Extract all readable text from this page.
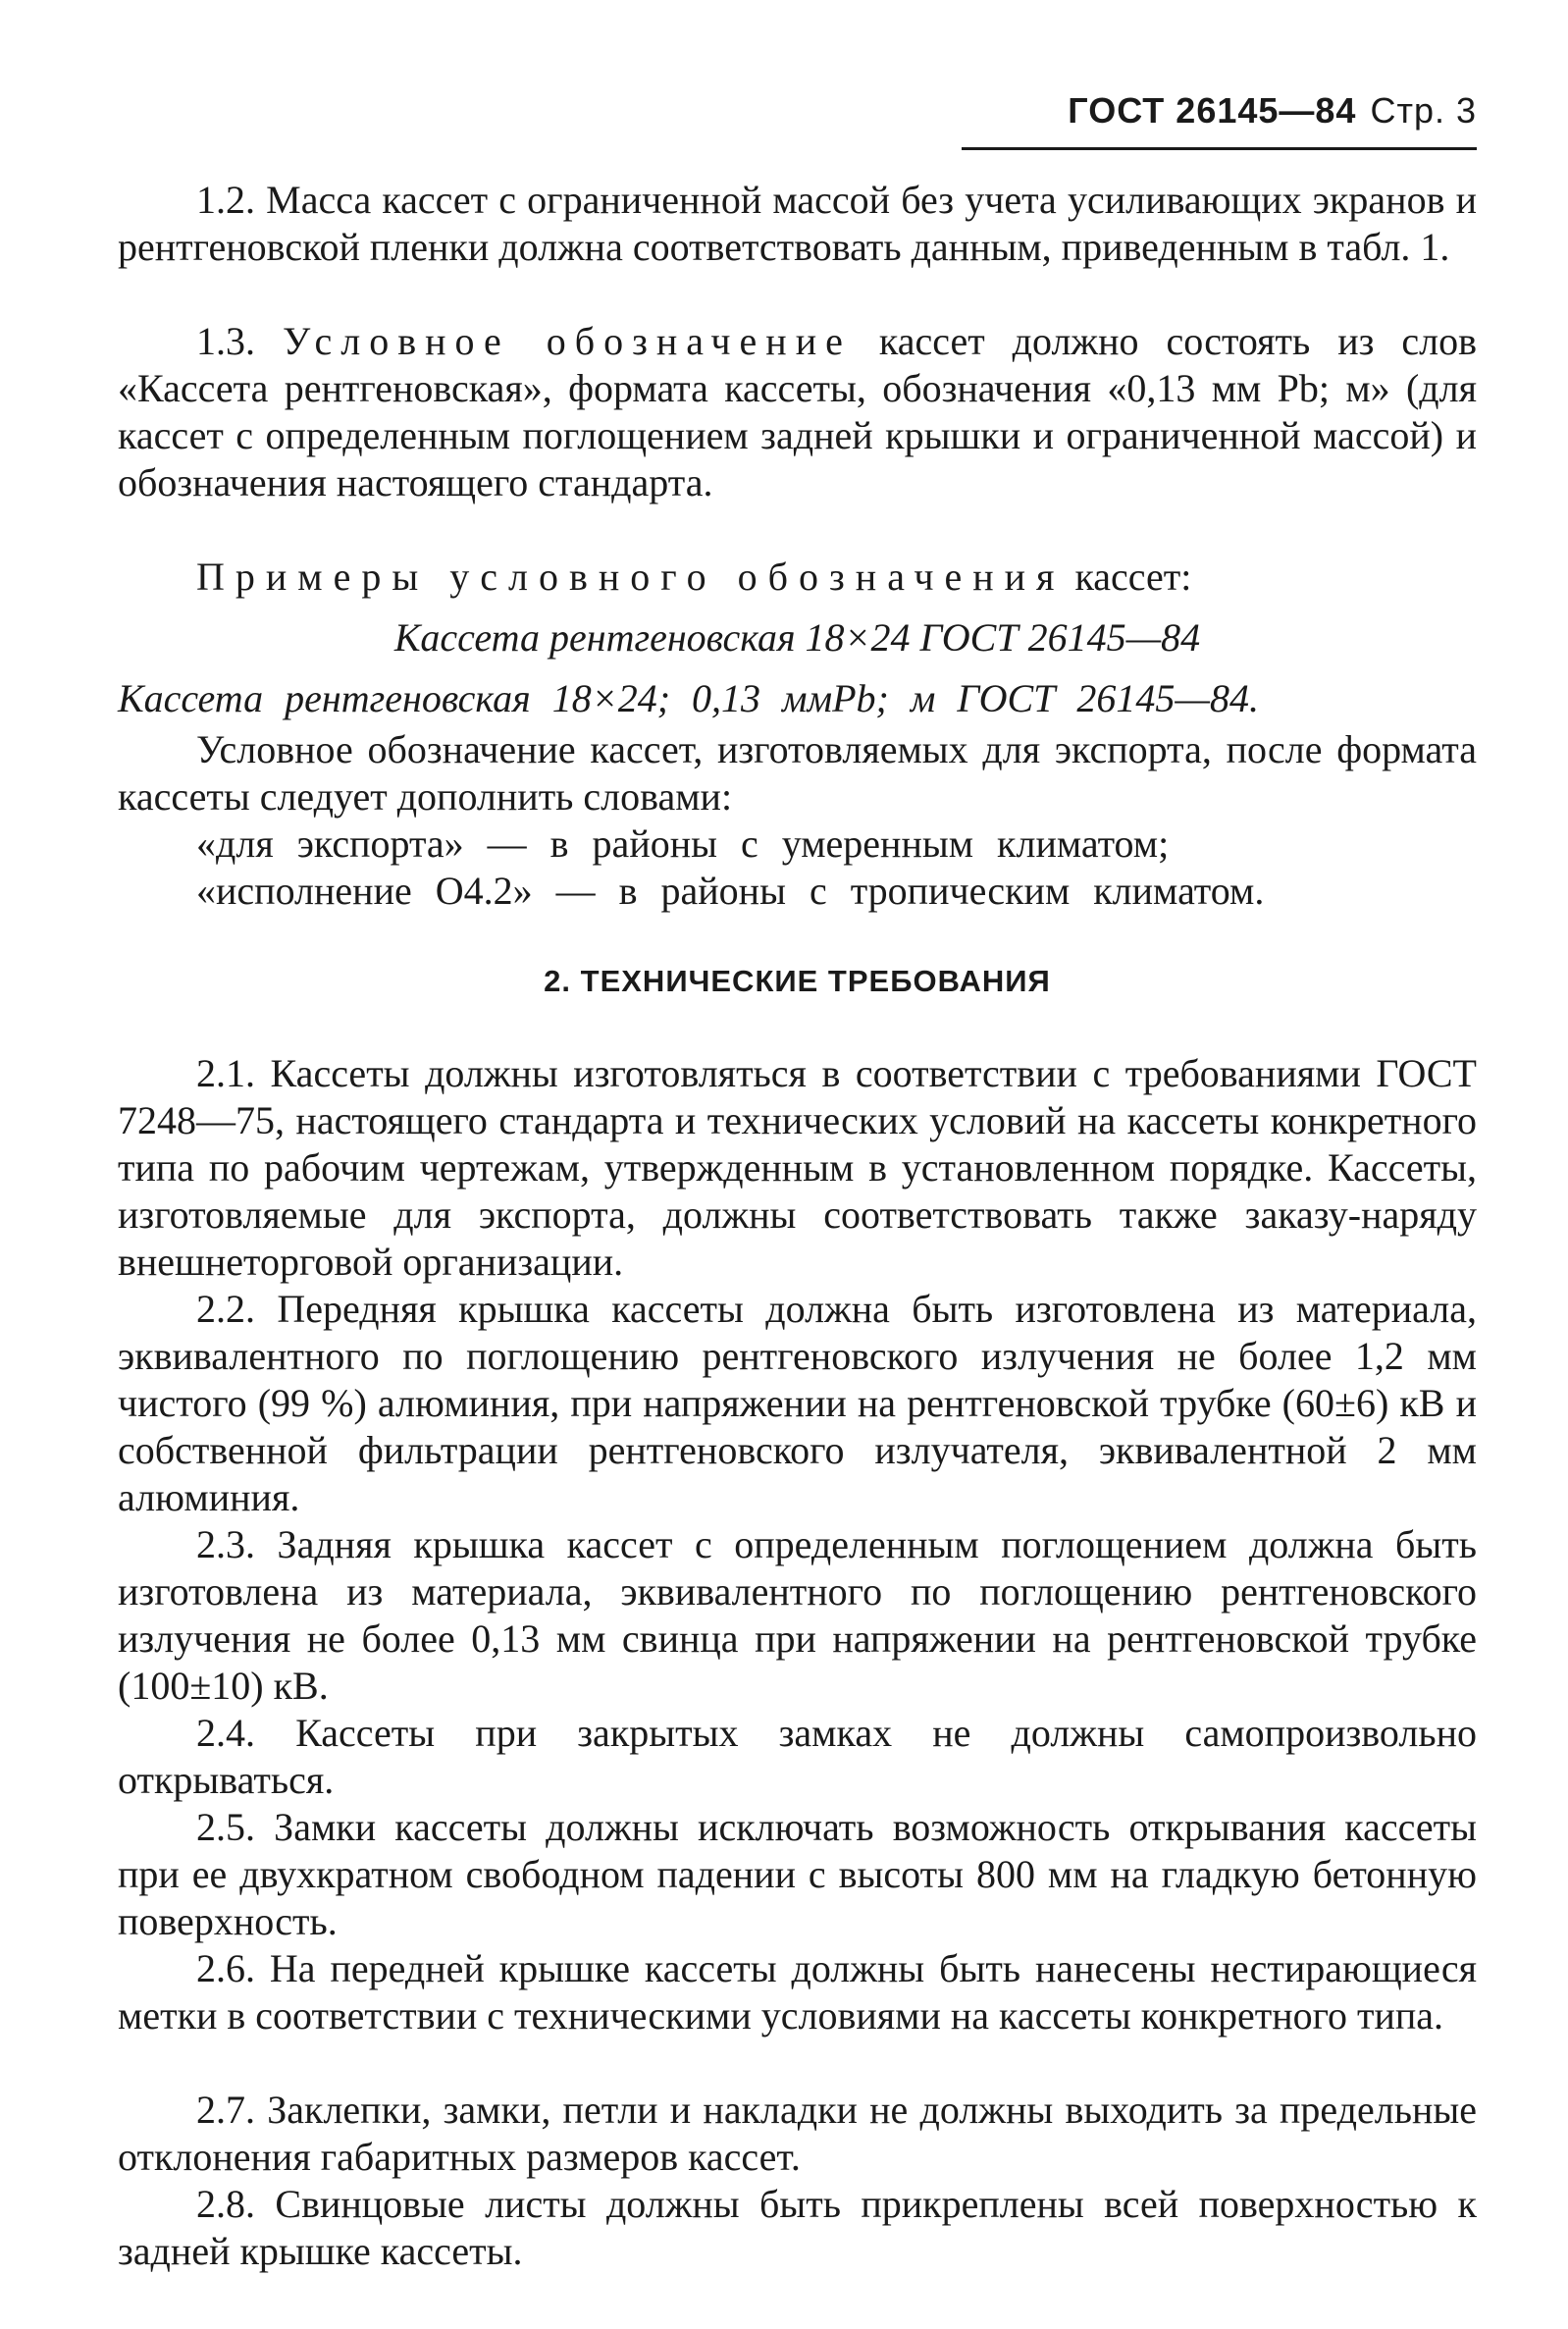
ГОСТ 26145—84 Стр. 3

1.2. Масса кассет с ограниченной массой без учета усиливающих экранов и рентгеновской пленки должна соответствовать данным, приведенным в табл. 1.

1.3. Условное обозначение кассет должно состоять из слов «Кассета рентгеновская», формата кассеты, обозначения «0,13 мм Pb; м» (для кассет с определенным поглощением задней крышки и ограниченной массой) и обозначения настоящего стандарта.

Примеры условного обозначения кассет:

Кассета рентгеновская 18×24 ГОСТ 26145—84

Кассета рентгеновская 18×24; 0,13 ммPb; м ГОСТ 26145—84.

Условное обозначение кассет, изготовляемых для экспорта, после формата кассеты следует дополнить словами:

«для экспорта» — в районы с умеренным климатом;

«исполнение О4.2» — в районы с тропическим климатом.

2. ТЕХНИЧЕСКИЕ ТРЕБОВАНИЯ

2.1. Кассеты должны изготовляться в соответствии с требованиями ГОСТ 7248—75, настоящего стандарта и технических условий на кассеты конкретного типа по рабочим чертежам, утвержденным в установленном порядке. Кассеты, изготовляемые для экспорта, должны соответствовать также заказу-наряду внешнеторговой организации.

2.2. Передняя крышка кассеты должна быть изготовлена из материала, эквивалентного по поглощению рентгеновского излучения не более 1,2 мм чистого (99 %) алюминия, при напряжении на рентгеновской трубке (60±6) кВ и собственной фильтрации рентгеновского излучателя, эквивалентной 2 мм алюминия.

2.3. Задняя крышка кассет с определенным поглощением должна быть изготовлена из материала, эквивалентного по поглощению рентгеновского излучения не более 0,13 мм свинца при напряжении на рентгеновской трубке (100±10) кВ.

2.4. Кассеты при закрытых замках не должны самопроизвольно открываться.

2.5. Замки кассеты должны исключать возможность открывания кассеты при ее двухкратном свободном падении с высоты 800 мм на гладкую бетонную поверхность.

2.6. На передней крышке кассеты должны быть нанесены нестирающиеся метки в соответствии с техническими условиями на кассеты конкретного типа.

2.7. Заклепки, замки, петли и накладки не должны выходить за предельные отклонения габаритных размеров кассет.

2.8. Свинцовые листы должны быть прикреплены всей поверхностью к задней крышке кассеты.
